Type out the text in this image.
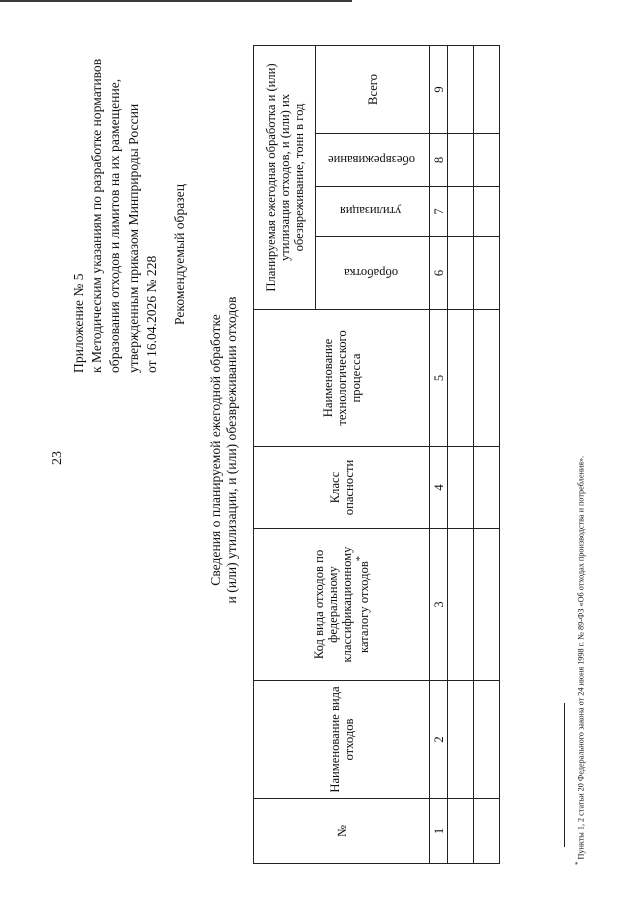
23
Приложение № 5 к Методическим указаниям по разработке нормативов образования отходов и лимитов на их размещение, утвержденным приказом Минприроды России от 16.04.2026 № 228 Рекомендуемый образец
Сведения о планируемой ежегодной обработке и (или) утилизации, и (или) обезвреживании отходов
№	Наименование вида отходов	Код вида отходов по федеральному классификационному каталогу отходов*	Класс опасности	Наименование технологического процесса	Планируемая ежегодная обработка и (или) утилизация отходов, и (или) их обезвреживание, тонн в год			
					обработка	утилизация	обезвреживание	Всего
1	2	3	4	5	6	7	8	9

* Пункты 1, 2 статьи 20 Федерального закона от 24 июня 1998 г. № 89-ФЗ «Об отходах производства и потребления».
